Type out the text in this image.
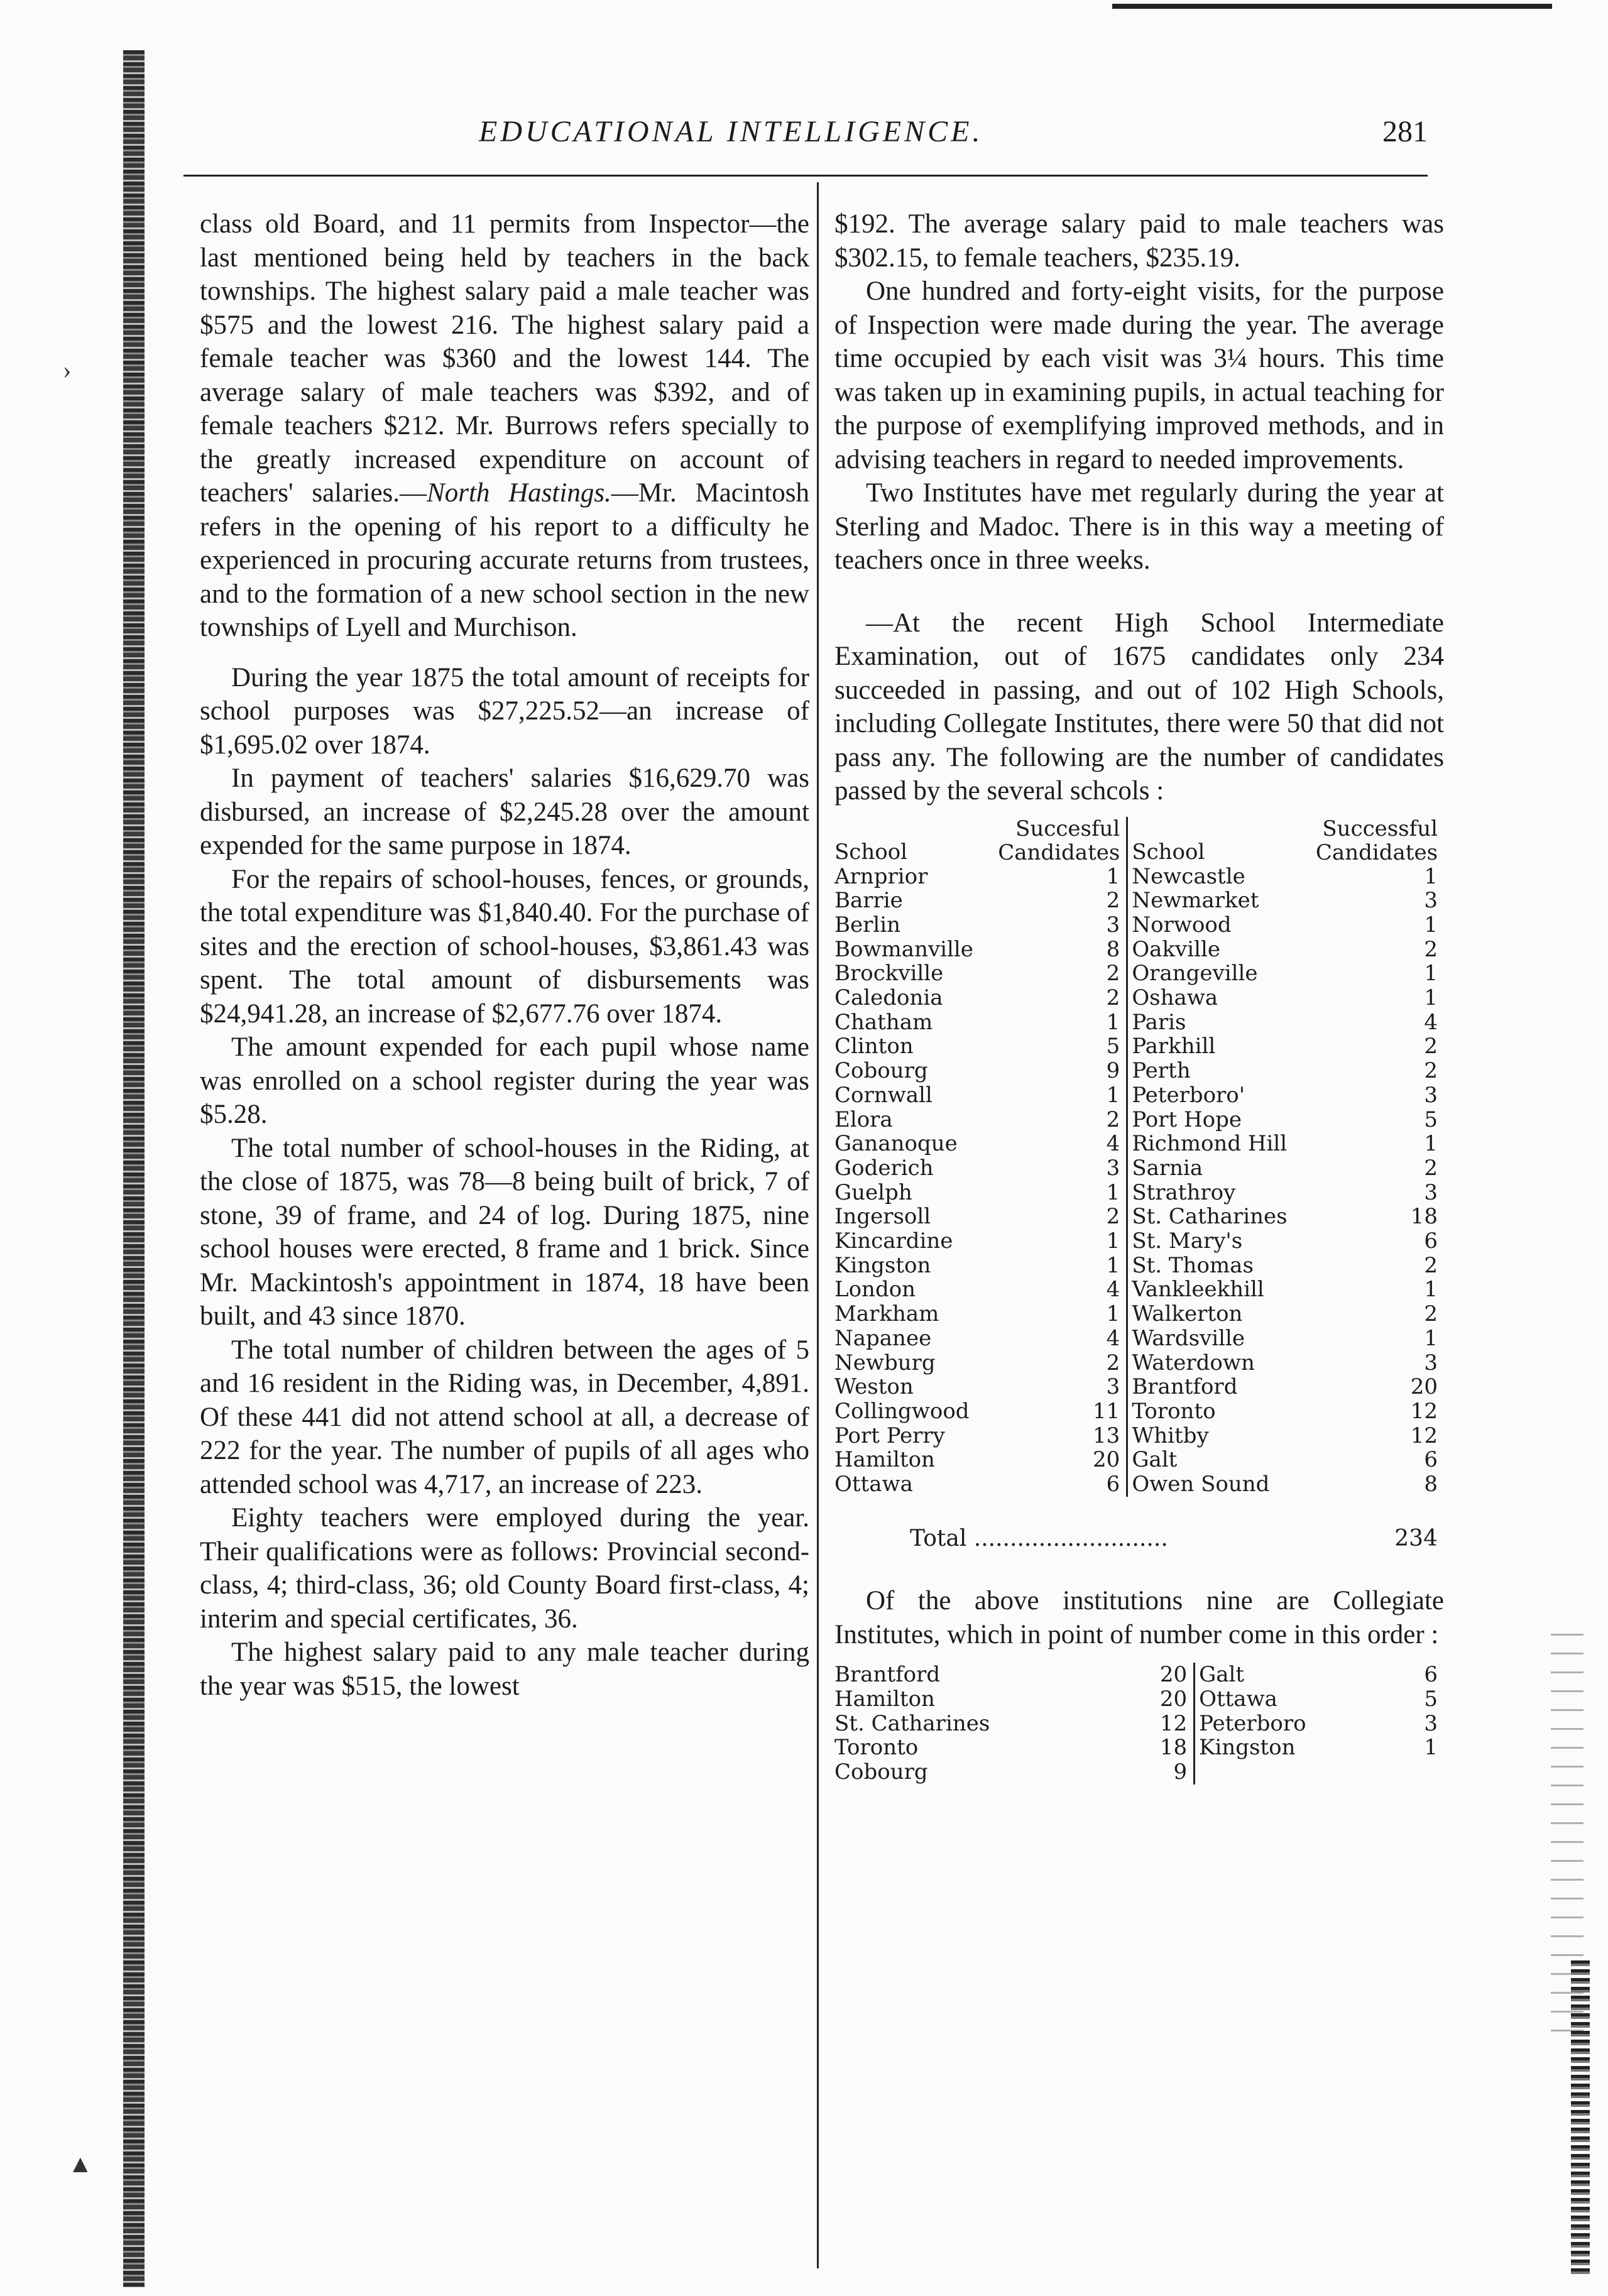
›
▲
EDUCATIONAL INTELLIGENCE.	281

class old Board, and 11 permits from Inspector—the last mentioned being held by teachers in the back townships. The highest salary paid a male teacher was $575 and the lowest 216. The highest salary paid a female teacher was $360 and the lowest 144. The average salary of male teachers was $392, and of female teachers $212. Mr. Burrows refers specially to the greatly increased expenditure on account of teachers' salaries.—North Hastings.—Mr. Macintosh refers in the opening of his report to a difficulty he experienced in procuring accurate returns from trustees, and to the formation of a new school section in the new townships of Lyell and Murchison.

During the year 1875 the total amount of receipts for school purposes was $27,225.52—an increase of $1,695.02 over 1874.

In payment of teachers' salaries $16,629.70 was disbursed, an increase of $2,245.28 over the amount expended for the same purpose in 1874.

For the repairs of school-houses, fences, or grounds, the total expenditure was $1,840.40. For the purchase of sites and the erection of school-houses, $3,861.43 was spent. The total amount of disbursements was $24,941.28, an increase of $2,677.76 over 1874.

The amount expended for each pupil whose name was enrolled on a school register during the year was $5.28.

The total number of school-houses in the Riding, at the close of 1875, was 78—8 being built of brick, 7 of stone, 39 of frame, and 24 of log. During 1875, nine school houses were erected, 8 frame and 1 brick. Since Mr. Mackintosh's appointment in 1874, 18 have been built, and 43 since 1870.

The total number of children between the ages of 5 and 16 resident in the Riding was, in December, 4,891. Of these 441 did not attend school at all, a decrease of 222 for the year. The number of pupils of all ages who attended school was 4,717, an increase of 223.

Eighty teachers were employed during the year. Their qualifications were as follows: Provincial second-class, 4; third-class, 36; old County Board first-class, 4; interim and special certificates, 36.

The highest salary paid to any male teacher during the year was $515, the lowest

$192. The average salary paid to male teachers was $302.15, to female teachers, $235.19.

One hundred and forty-eight visits, for the purpose of Inspection were made during the year. The average time occupied by each visit was 3¼ hours. This time was taken up in examining pupils, in actual teaching for the purpose of exemplifying improved methods, and in advising teachers in regard to needed improvements.

Two Institutes have met regularly during the year at Sterling and Madoc. There is in this way a meeting of teachers once in three weeks.

—At the recent High School Intermediate Examination, out of 1675 candidates only 234 succeeded in passing, and out of 102 High Schools, including Collegate Institutes, there were 50 that did not pass any. The following are the number of candidates passed by the several schcols :

School	Succesful Candidates	School	Successful Candidates
Arnprior	1	Newcastle	1
Barrie	2	Newmarket	3
Berlin	3	Norwood	1
Bowmanville	8	Oakville	2
Brockville	2	Orangeville	1
Caledonia	2	Oshawa	1
Chatham	1	Paris	4
Clinton	5	Parkhill	2
Cobourg	9	Perth	2
Cornwall	1	Peterboro'	3
Elora	2	Port Hope	5
Gananoque	4	Richmond Hill	1
Goderich	3	Sarnia	2
Guelph	1	Strathroy	3
Ingersoll	2	St. Catharines	18
Kincardine	1	St. Mary's	6
Kingston	1	St. Thomas	2
London	4	Vankleekhill	1
Markham	1	Walkerton	2
Napanee	4	Wardsville	1
Newburg	2	Waterdown	3
Weston	3	Brantford	20
Collingwood	11	Toronto	12
Port Perry	13	Whitby	12
Hamilton	20	Galt	6
Ottawa	6	Owen Sound	8
Total ...........................	234

Of the above institutions nine are Collegiate Institutes, which in point of number come in this order :

Brantford	20	Galt	6
Hamilton	20	Ottawa	5
St. Catharines	12	Peterboro	3
Toronto	18	Kingston	1
Cobourg	9		
